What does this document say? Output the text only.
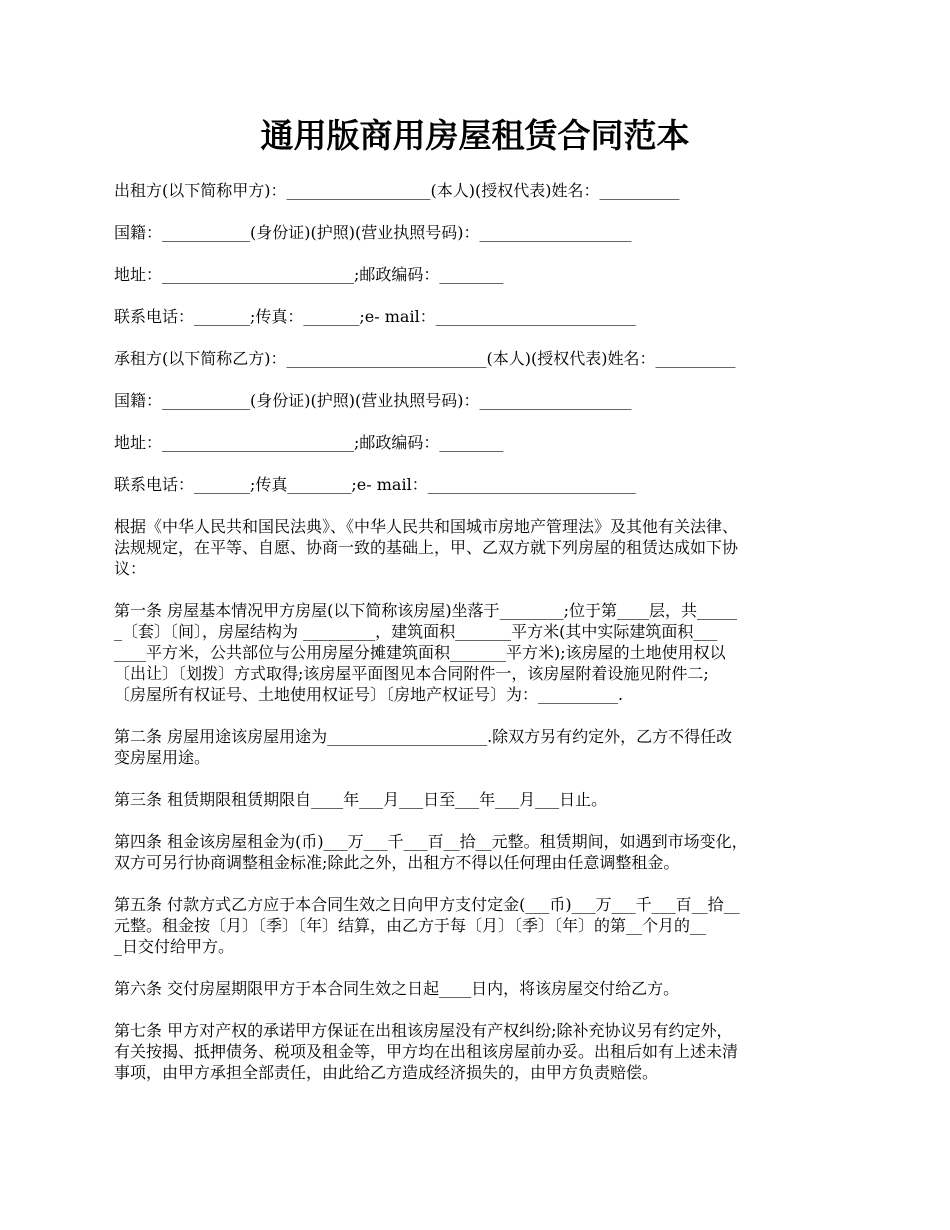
通用版商用房屋租赁合同范本
出租方(以下简称甲方)：__________________(本人)(授权代表)姓名：__________
国籍：___________(身份证)(护照)(营业执照号码)：___________________
地址：________________________;邮政编码：________
联系电话：_______;传真：_______;e- mail：_________________________
承租方(以下简称乙方)：_________________________(本人)(授权代表)姓名：__________
国籍：___________(身份证)(护照)(营业执照号码)：___________________
地址：________________________;邮政编码：________
联系电话：_______;传真________;e- mail：__________________________
根据《中华人民共和国民法典》、《中华人民共和国城市房地产管理法》及其他有关法律、
法规规定，在平等、自愿、协商一致的基础上，甲、乙双方就下列房屋的租赁达成如下协
议：
第一条 房屋基本情况甲方房屋(以下简称该房屋)坐落于________;位于第____层，共_____
_〔套〕〔间〕，房屋结构为 _________，建筑面积_______平方米(其中实际建筑面积___
____平方米，公共部位与公用房屋分摊建筑面积_______平方米);该房屋的土地使用权以
〔出让〕〔划拨〕方式取得;该房屋平面图见本合同附件一，该房屋附着设施见附件二;
〔房屋所有权证号、土地使用权证号〕〔房地产权证号〕为：__________.
第二条 房屋用途该房屋用途为____________________.除双方另有约定外，乙方不得任改
变房屋用途。
第三条 租赁期限租赁期限自____年___月___日至___年___月___日止。
第四条 租金该房屋租金为(币)___万___千___百__拾__元整。租赁期间，如遇到市场变化，
双方可另行协商调整租金标准;除此之外，出租方不得以任何理由任意调整租金。
第五条 付款方式乙方应于本合同生效之日向甲方支付定金(___币)___万___千___百__拾__
元整。租金按〔月〕〔季〕〔年〕结算，由乙方于每〔月〕〔季〕〔年〕的第__个月的__
_日交付给甲方。
第六条 交付房屋期限甲方于本合同生效之日起____日内，将该房屋交付给乙方。
第七条 甲方对产权的承诺甲方保证在出租该房屋没有产权纠纷;除补充协议另有约定外，
有关按揭、抵押债务、税项及租金等，甲方均在出租该房屋前办妥。出租后如有上述未清
事项，由甲方承担全部责任，由此给乙方造成经济损失的，由甲方负责赔偿。
